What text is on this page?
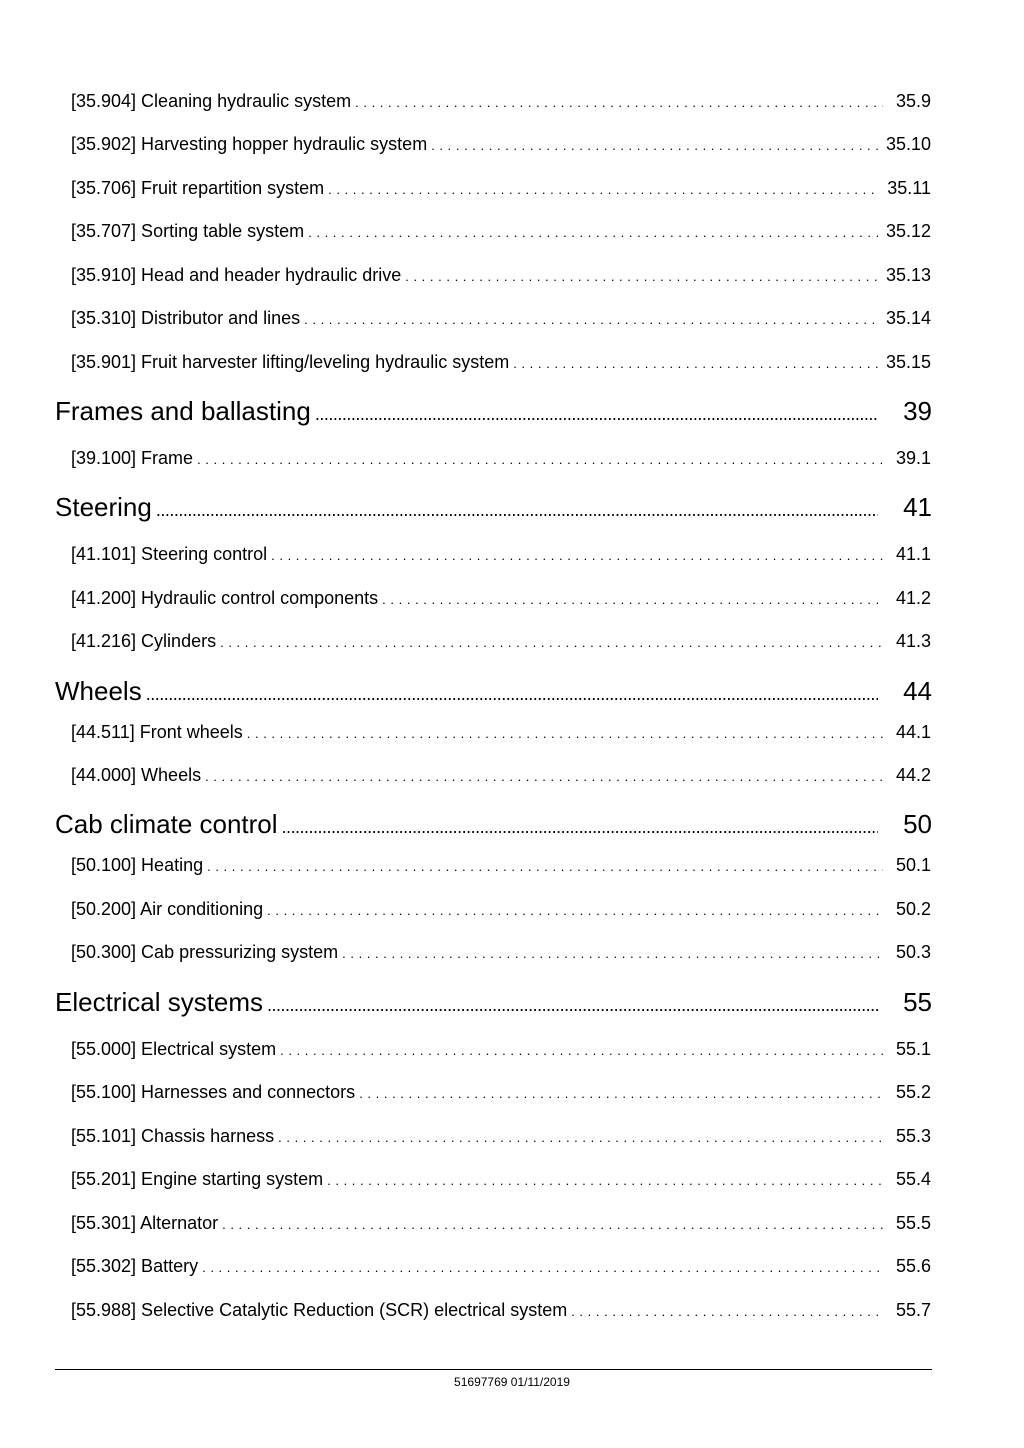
[35.904] Cleaning hydraulic system . . .	35.9
[35.902] Harvesting hopper hydraulic system . . .	35.10
[35.706] Fruit repartition system . . .	35.11
[35.707] Sorting table system . . .	35.12
[35.910] Head and header hydraulic drive . . .	35.13
[35.310] Distributor and lines . . .	35.14
[35.901] Fruit harvester lifting/leveling hydraulic system . . .	35.15
Frames and ballasting .....	39
[39.100] Frame . . .	39.1
Steering .....	41
[41.101] Steering control . . .	41.1
[41.200] Hydraulic control components . . .	41.2
[41.216] Cylinders . . .	41.3
Wheels .....	44
[44.511] Front wheels . . .	44.1
[44.000] Wheels . . .	44.2
Cab climate control .....	50
[50.100] Heating . . .	50.1
[50.200] Air conditioning . . .	50.2
[50.300] Cab pressurizing system . . .	50.3
Electrical systems .....	55
[55.000] Electrical system . . .	55.1
[55.100] Harnesses and connectors . . .	55.2
[55.101] Chassis harness . . .	55.3
[55.201] Engine starting system . . .	55.4
[55.301] Alternator . . .	55.5
[55.302] Battery . . .	55.6
[55.988] Selective Catalytic Reduction (SCR) electrical system . . .	55.7
51697769 01/11/2019
